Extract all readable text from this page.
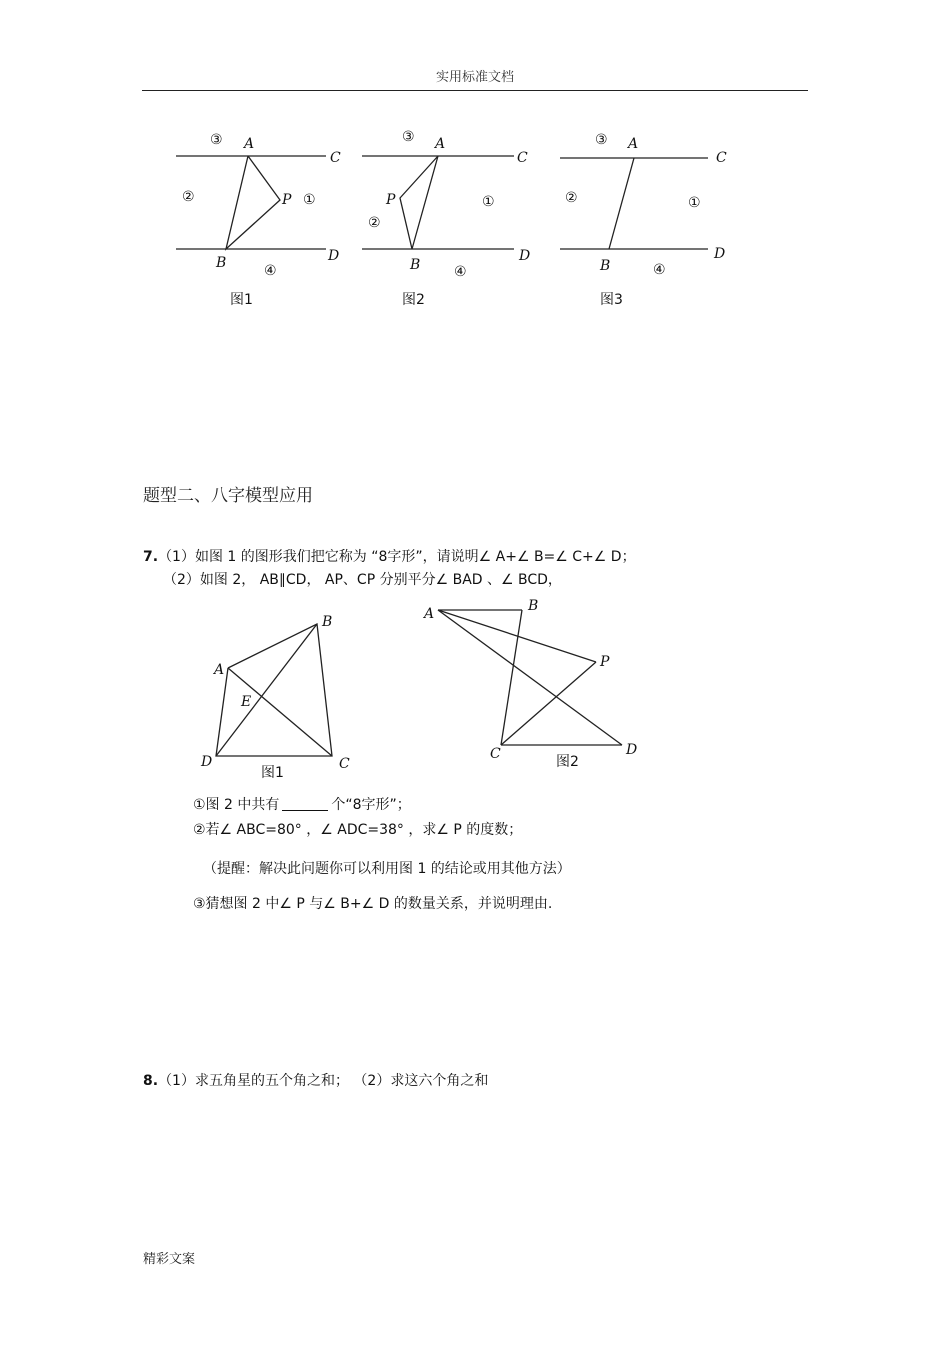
实用标准文档
A
C
B	D
P
③
②	①
④
图1
A
C
B
D
P
③
②
①
④
图2
A
C
B
D
③
②	①
④
图3
题型二、八字模型应用
7.（1）如图 1 的图形我们把它称为 “8字形”，请说明∠ A+∠ B=∠ C+∠ D；
（2）如图 2， AB∥CD， AP、CP 分别平分∠ BAD 、∠ BCD，
A
B
E
D	C
图1
A	B
P
C	D
图2
①图 2 中共有	个“8字形”；
②若∠ ABC=80° ，∠ ADC=38° ，求∠ P 的度数；
（提醒：解决此问题你可以利用图 1 的结论或用其他方法）
③猜想图 2 中∠ P 与∠ B+∠ D 的数量关系，并说明理由.
8.（1）求五角星的五个角之和； （2）求这六个角之和
精彩文案
